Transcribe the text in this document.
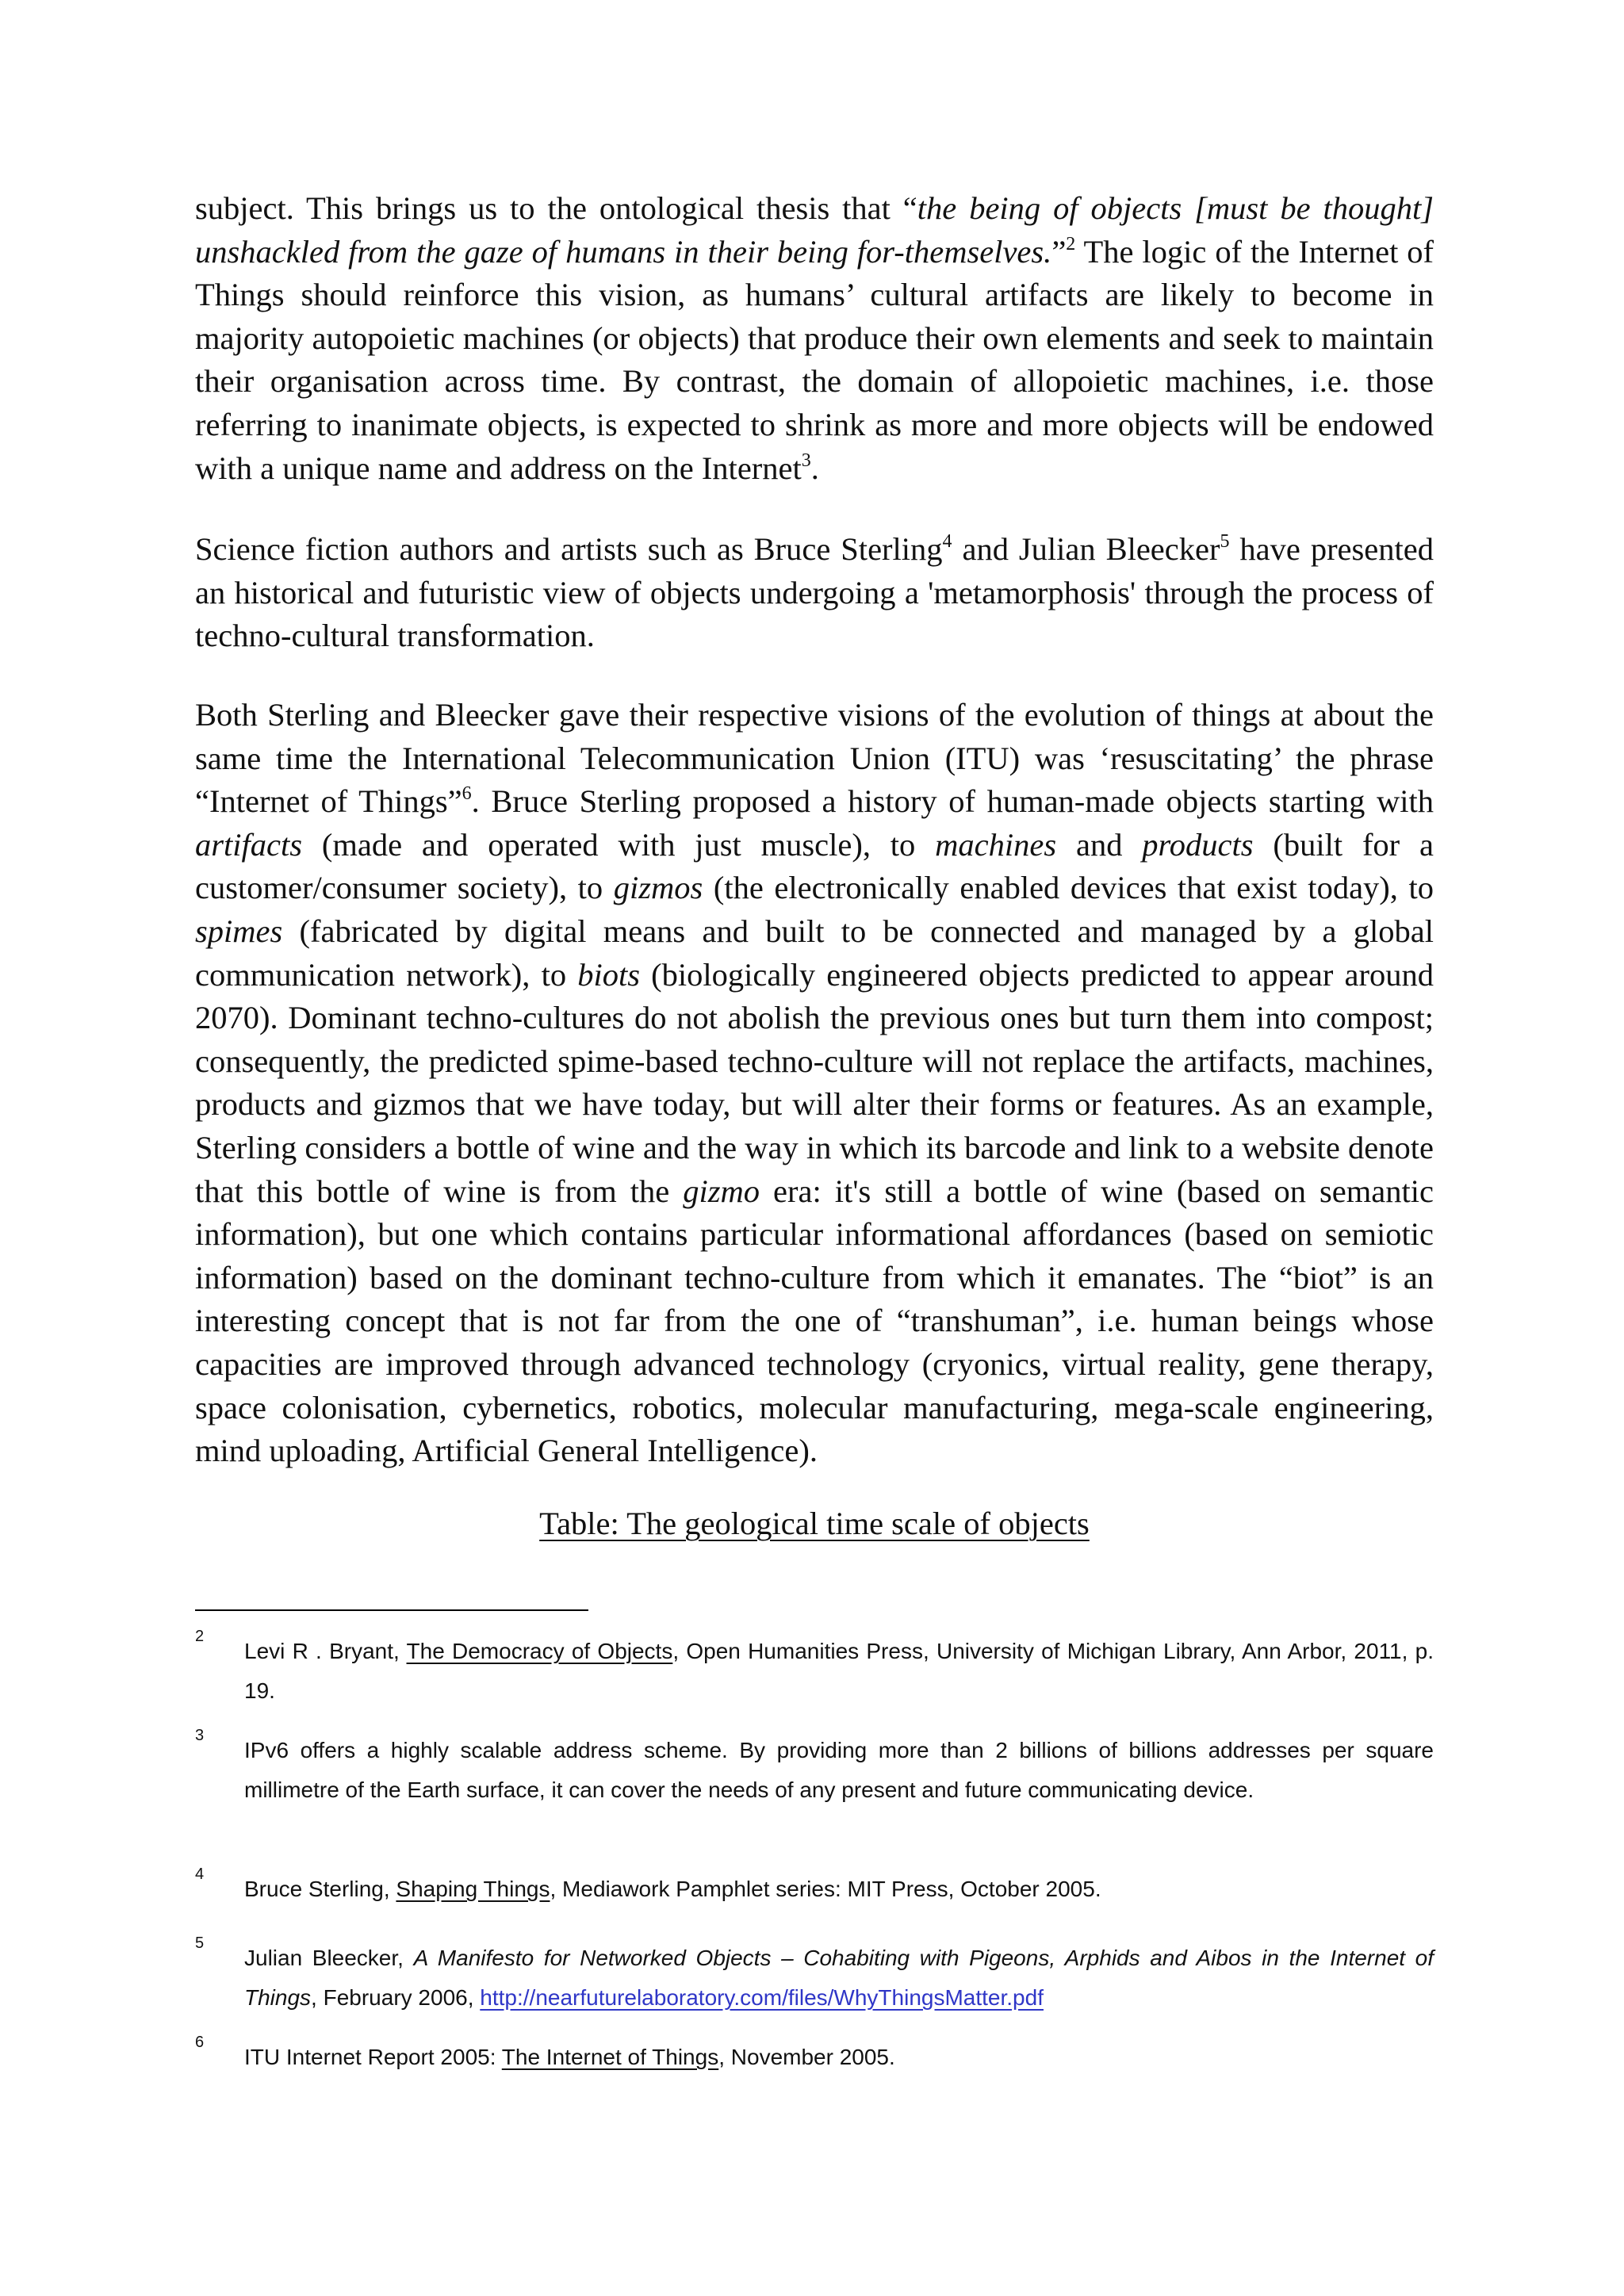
subject. This brings us to the ontological thesis that “the being of objects [must be thought] unshackled from the gaze of humans in their being for-themselves.”$^2$ The logic of the Internet of Things should reinforce this vision, as humans’ cultural artifacts are likely to become in majority autopoietic machines (or objects) that produce their own elements and seek to maintain their organisation across time. By contrast, the domain of allopoietic machines, i.e. those referring to inanimate objects, is expected to shrink as more and more objects will be endowed with a unique name and address on the Internet$^3$.

Science fiction authors and artists such as Bruce Sterling$^4$ and Julian Bleecker$^5$ have presented an historical and futuristic view of objects undergoing a 'metamorphosis' through the process of techno-cultural transformation.

Both Sterling and Bleecker gave their respective visions of the evolution of things at about the same time the International Telecommunication Union (ITU) was ‘resuscitating’ the phrase “Internet of Things”$^6$. Bruce Sterling proposed a history of human-made objects starting with artifacts (made and operated with just muscle), to machines and products (built for a customer/consumer society), to gizmos (the electronically enabled devices that exist today), to spimes (fabricated by digital means and built to be connected and managed by a global communication network), to biots (biologically engineered objects predicted to appear around 2070). Dominant techno-cultures do not abolish the previous ones but turn them into compost; consequently, the predicted spime-based techno-culture will not replace the artifacts, machines, products and gizmos that we have today, but will alter their forms or features. As an example, Sterling considers a bottle of wine and the way in which its barcode and link to a website denote that this bottle of wine is from the gizmo era: it's still a bottle of wine (based on semantic information), but one which contains particular informational affordances (based on semiotic information) based on the dominant techno-culture from which it emanates. The “biot” is an interesting concept that is not far from the one of “transhuman”, i.e. human beings whose capacities are improved through advanced technology (cryonics, virtual reality, gene therapy, space colonisation, cybernetics, robotics, molecular manufacturing, mega-scale engineering, mind uploading, Artificial General Intelligence).

Table: The geological time scale of objects
2
Levi R . Bryant, The Democracy of Objects, Open Humanities Press, University of Michigan Library, Ann Arbor, 2011, p. 19.
3
IPv6 offers a highly scalable address scheme. By providing more than 2 billions of billions addresses per square millimetre of the Earth surface, it can cover the needs of any present and future communicating device.
4
Bruce Sterling, Shaping Things, Mediawork Pamphlet series: MIT Press, October 2005.
5
Julian Bleecker, A Manifesto for Networked Objects – Cohabiting with Pigeons, Arphids and Aibos in the Internet of Things, February 2006, http://nearfuturelaboratory.com/files/WhyThingsMatter.pdf
6
ITU Internet Report 2005: The Internet of Things, November 2005.
